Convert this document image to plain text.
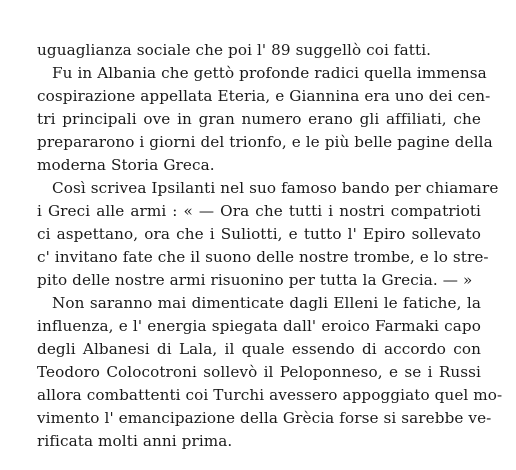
uguaglianza sociale che poi l' 89 suggellò coi fatti.
Fu in Albania che gettò profonde radici quella immensa
cospirazione appellata Eteria, e Giannina era uno dei cen-
tri principali ove in gran numero erano gli affiliati, che
prepararono i giorni del trionfo, e le più belle pagine della
moderna Storia Greca.
Così scrivea Ipsilanti nel suo famoso bando per chiamare
i Greci alle armi : « — Ora che tutti i nostri compatrioti
ci aspettano, ora che i Suliotti, e tutto l' Epiro sollevato
c' invitano fate che il suono delle nostre trombe, e lo stre-
pito delle nostre armi risuonino per tutta la Grecia. — »
Non saranno mai dimenticate dagli Elleni le fatiche, la
influenza, e l' energia spiegata dall' eroico Farmaki capo
degli Albanesi di Lala, il quale essendo di accordo con
Teodoro Colocotroni sollevò il Peloponneso, e se i Russi
allora combattenti coi Turchi avessero appoggiato quel mo-
vimento l' emancipazione della Grècia forse si sarebbe ve-
rificata molti anni prima.
